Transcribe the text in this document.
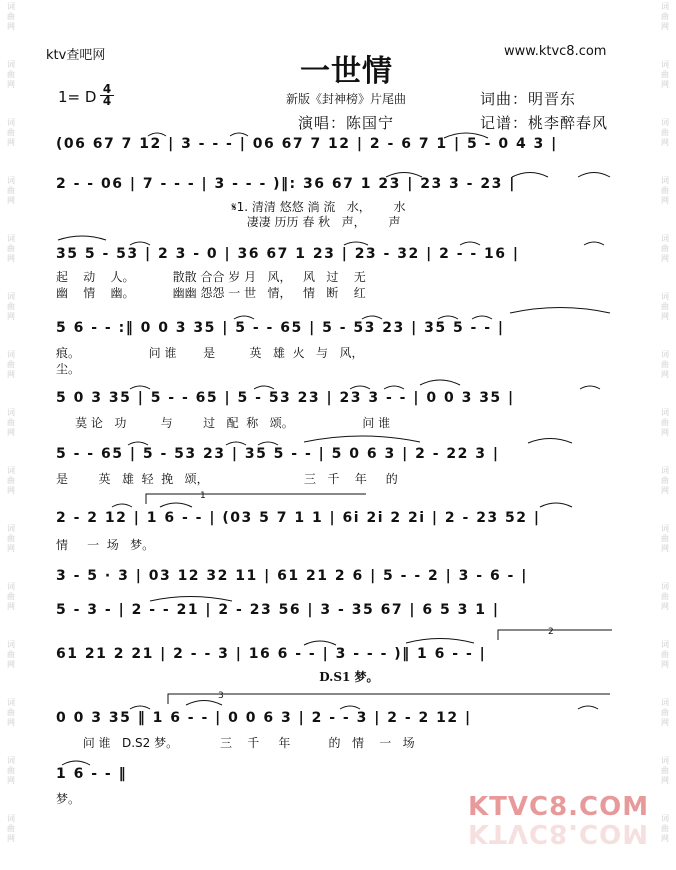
词
曲
网
词
曲
网
词
曲
网
词
曲
网
词
曲
网
词
曲
网
词
曲
网
词
曲
网
词
曲
网
词
曲
网
词
曲
网
词
曲
网
词
曲
网
词
曲
网
词
曲
网
词
曲
网
词
曲
网
词
曲
网
词
曲
网
词
曲
网
词
曲
网
词
曲
网
词
曲
网
词
曲
网
词
曲
网
词
曲
网
词
曲
网
词
曲
网
词
曲
网
词
曲
网
ktv查吧网	www.ktvc8.com
一世情
1= D $\frac{4}{4}$	新版《封神榜》片尾曲	词曲：明晋东
演唱：陈国宁	记谱：桃李醉春风
(06 67 7 12 | 3 - - - | 06 67 7 12 | 2 - 6 7 1 | 5 - 0 4 3 |
2 - - 06 | 7 - - - | 3 - - - )‖: 36 67 1 23 | 23 3 - 23 |
𝄋1. 清清 悠悠 淌 流   水，      水
凄凄 历历 春 秋   声，      声
35 5 - 53 | 2 3 - 0 | 36 67 1 23 | 23 - 32 | 2 - - 16 |
起    动    人。          散散 合合 岁 月   风，   风   过    无
幽    情    幽。          幽幽 怨怨 一 世   情，   情   断    红
5 6 - - :‖ 0 0 3 35 | 5 - - 65 | 5 - 53 23 | 35 5 - - |
痕。                  问 谁       是         英   雄  火   与   风，
尘。
5 0 3 35 | 5 - - 65 | 5 - 53 23 | 23 3 - - | 0 0 3 35 |
莫 论   功         与        过   配  称   颂。                  问 谁
5 - - 65 | 5 - 53 23 | 35 5 - - | 5 0 6 3 | 2 - 22 3 |
是        英   雄  轻  挽   颂，                         三   千    年     的
2 - 2 12 | 1 6 - - | (03 5 7 1 1 | 6i 2i 2 2i | 2 - 23 52 |
情     一  场   梦。
3 - 5 · 3 | 03 12 32 11 | 61 21 2 6 | 5 - - 2 | 3 - 6 - |
5 - 3 - | 2 - - 21 | 2 - 23 56 | 3 - 35 67 | 6 5 3 1 |
61 21 2 21 | 2 - - 3 | 16 6 - - | 3 - - - )‖ 1 6 - - |
D.S1 梦。
0 0 3 35 ‖ 1 6 - - | 0 0 6 3 | 2 - - 3 | 2 - 2 12 |
问 谁   D.S2 梦。           三    千     年          的   情    一   场
1 6 - - ‖
梦。
1
2
3
KTVC8.COM
KTVC8.COM
